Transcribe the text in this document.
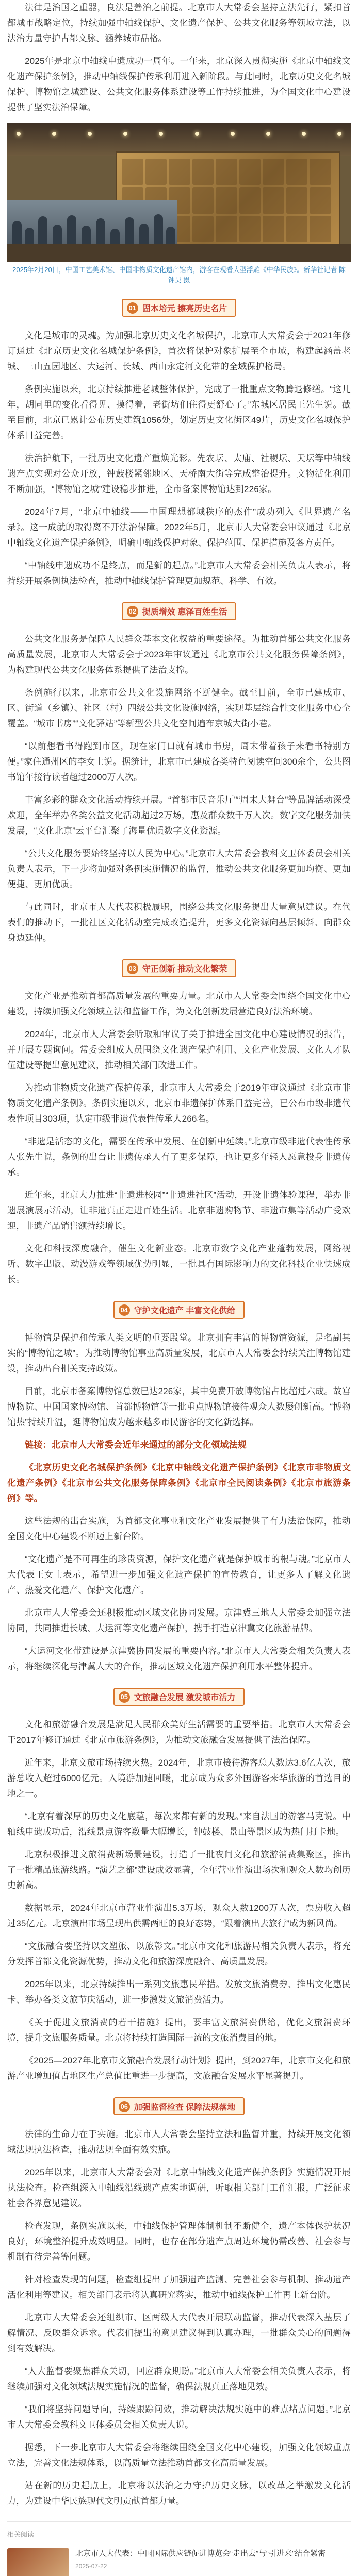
法律是治国之重器，良法是善治之前提。北京市人大常委会坚持立法先行，紧扣首都城市战略定位，持续加强中轴线保护、文化遗产保护、公共文化服务等领域立法，以法治力量守护古都文脉、涵养城市品格。

2025年是北京中轴线申遗成功一周年。一年来，北京深入贯彻实施《北京中轴线文化遗产保护条例》，推动中轴线保护传承利用进入新阶段。与此同时，北京历史文化名城保护、博物馆之城建设、公共文化服务体系建设等工作持续推进，为全国文化中心建设提供了坚实法治保障。

2025年2月20日，中国工艺美术馆、中国非物质文化遗产馆内，游客在观看大型浮雕《中华民族》。新华社记者 陈钟昊 摄

01 固本培元 擦亮历史名片

文化是城市的灵魂。为加强北京历史文化名城保护，北京市人大常委会于2021年修订通过《北京历史文化名城保护条例》，首次将保护对象扩展至全市域，构建起涵盖老城、三山五园地区、大运河、长城、西山永定河文化带的全域保护格局。

条例实施以来，北京持续推进老城整体保护，完成了一批重点文物腾退修缮。“这几年，胡同里的变化看得见、摸得着，老街坊们住得更舒心了。”东城区居民王先生说。截至目前，北京已累计公布历史建筑1056处，划定历史文化街区49片，历史文化名城保护体系日益完善。

法治护航下，一批历史文化遗产重焕光彩。先农坛、太庙、社稷坛、天坛等中轴线遗产点实现对公众开放，钟鼓楼紧邻地区、天桥南大街等完成整治提升。文物活化利用不断加强，“博物馆之城”建设稳步推进，全市备案博物馆达到226家。

2024年7月，“北京中轴线——中国理想都城秩序的杰作”成功列入《世界遗产名录》。这一成就的取得离不开法治保障。2022年5月，北京市人大常委会审议通过《北京中轴线文化遗产保护条例》，明确中轴线保护对象、保护范围、保护措施及各方责任。

“中轴线申遗成功不是终点，而是新的起点。”北京市人大常委会相关负责人表示，将持续开展条例执法检查，推动中轴线保护管理更加规范、科学、有效。

02 提质增效 惠泽百姓生活

公共文化服务是保障人民群众基本文化权益的重要途径。为推动首都公共文化服务高质量发展，北京市人大常委会于2023年审议通过《北京市公共文化服务保障条例》，为构建现代公共文化服务体系提供了法治支撑。

条例施行以来，北京市公共文化设施网络不断健全。截至目前，全市已建成市、区、街道（乡镇）、社区（村）四级公共文化设施网络，实现基层综合性文化服务中心全覆盖。“城市书房”“文化驿站”等新型公共文化空间遍布京城大街小巷。

“以前想看书得跑到市区，现在家门口就有城市书房，周末带着孩子来看书特别方便。”家住通州区的李女士说。据统计，北京市已建成各类特色阅读空间300余个，公共图书馆年接待读者超过2000万人次。

丰富多彩的群众文化活动持续开展。“首都市民音乐厅”“周末大舞台”等品牌活动深受欢迎，全年举办各类公益文化活动超过2万场，惠及群众数千万人次。数字文化服务加快发展，“文化北京”云平台汇聚了海量优质数字文化资源。

“公共文化服务要始终坚持以人民为中心。”北京市人大常委会教科文卫体委员会相关负责人表示，下一步将加强对条例实施情况的监督，推动公共文化服务更加均衡、更加便捷、更加优质。

与此同时，北京市人大代表积极履职，围绕公共文化服务提出大量意见建议。在代表们的推动下，一批社区文化活动室完成改造提升，更多文化资源向基层倾斜、向群众身边延伸。

03 守正创新 推动文化繁荣

文化产业是推动首都高质量发展的重要力量。北京市人大常委会围绕全国文化中心建设，持续加强文化领域立法和监督工作，为文化创新发展营造良好法治环境。

2024年，北京市人大常委会听取和审议了关于推进全国文化中心建设情况的报告，并开展专题询问。常委会组成人员围绕文化遗产保护利用、文化产业发展、文化人才队伍建设等提出意见建议，推动相关部门改进工作。

为推动非物质文化遗产保护传承，北京市人大常委会于2019年审议通过《北京市非物质文化遗产条例》。条例实施以来，北京市非遗保护体系日益完善，已公布市级非遗代表性项目303项，认定市级非遗代表性传承人266名。

“非遗是活态的文化，需要在传承中发展、在创新中延续。”北京市级非遗代表性传承人张先生说，条例的出台让非遗传承人有了更多保障，也让更多年轻人愿意投身非遗传承。

近年来，北京大力推进“非遗进校园”“非遗进社区”活动，开设非遗体验课程，举办非遗展演展示活动，让非遗真正走进百姓生活。北京非遗购物节、非遗市集等活动广受欢迎，非遗产品销售额持续增长。

文化和科技深度融合，催生文化新业态。北京市数字文化产业蓬勃发展，网络视听、数字出版、动漫游戏等领域优势明显，一批具有国际影响力的文化科技企业快速成长。

04 守护文化遗产 丰富文化供给

博物馆是保护和传承人类文明的重要殿堂。北京拥有丰富的博物馆资源，是名副其实的“博物馆之城”。为推动博物馆事业高质量发展，北京市人大常委会持续关注博物馆建设，推动出台相关支持政策。

目前，北京市备案博物馆总数已达226家，其中免费开放博物馆占比超过六成。故宫博物院、中国国家博物馆、首都博物馆等一批重点博物馆接待观众人数屡创新高。“博物馆热”持续升温，逛博物馆成为越来越多市民游客的文化新选择。

链接：北京市人大常委会近年来通过的部分文化领域法规

《北京历史文化名城保护条例》《北京中轴线文化遗产保护条例》《北京市非物质文化遗产条例》《北京市公共文化服务保障条例》《北京市全民阅读条例》《北京市旅游条例》等。

这些法规的出台实施，为首都文化事业和文化产业发展提供了有力法治保障，推动全国文化中心建设不断迈上新台阶。

“文化遗产是不可再生的珍贵资源，保护文化遗产就是保护城市的根与魂。”北京市人大代表王女士表示，希望进一步加强文化遗产保护的宣传教育，让更多人了解文化遗产、热爱文化遗产、保护文化遗产。

北京市人大常委会还积极推动区域文化协同发展。京津冀三地人大常委会加强立法协同，共同推进长城、大运河等文化遗产保护，携手打造京津冀文化旅游品牌。

“大运河文化带建设是京津冀协同发展的重要内容。”北京市人大常委会相关负责人表示，将继续深化与津冀人大的合作，推动区域文化遗产保护利用水平整体提升。

05 文旅融合发展 激发城市活力

文化和旅游融合发展是满足人民群众美好生活需要的重要举措。北京市人大常委会于2017年修订通过《北京市旅游条例》，为推动文旅融合发展提供了法治保障。

近年来，北京文旅市场持续火热。2024年，北京市接待游客总人数达3.6亿人次，旅游总收入超过6000亿元。入境游加速回暖，北京成为众多外国游客来华旅游的首选目的地之一。

“北京有着深厚的历史文化底蕴，每次来都有新的发现。”来自法国的游客马克说。中轴线申遗成功后，沿线景点游客数量大幅增长，钟鼓楼、景山等景区成为热门打卡地。

北京积极推进文旅消费新场景建设，打造了一批夜间文化和旅游消费集聚区，推出了一批精品旅游线路。“演艺之都”建设成效显著，全年营业性演出场次和观众人数均创历史新高。

数据显示，2024年北京市营业性演出5.3万场，观众人数1200万人次，票房收入超过35亿元。北京演出市场呈现出供需两旺的良好态势，“跟着演出去旅行”成为新风尚。

“文旅融合要坚持以文塑旅、以旅彰文。”北京市文化和旅游局相关负责人表示，将充分发挥首都文化资源优势，推动文化和旅游深度融合、高质量发展。

2025年以来，北京持续推出一系列文旅惠民举措。发放文旅消费券、推出文化惠民卡、举办各类文旅节庆活动，进一步激发文旅消费活力。

《关于促进文旅消费的若干措施》提出，要丰富文旅消费供给，优化文旅消费环境，提升文旅服务质量。北京将持续打造国际一流的文旅消费目的地。

《2025—2027年北京市文旅融合发展行动计划》提出，到2027年，北京市文化和旅游产业增加值占地区生产总值比重进一步提高，文旅融合发展水平显著提升。

06 加强监督检查 保障法规落地

法律的生命力在于实施。北京市人大常委会坚持立法和监督并重，持续开展文化领域法规执法检查，推动法规全面有效实施。

2025年以来，北京市人大常委会对《北京中轴线文化遗产保护条例》实施情况开展执法检查。检查组深入中轴线沿线遗产点实地调研，听取相关部门工作汇报，广泛征求社会各界意见建议。

检查发现，条例实施以来，中轴线保护管理体制机制不断健全，遗产本体保护状况良好，环境整治提升成效明显。同时，也存在部分遗产点周边环境仍需改善、社会参与机制有待完善等问题。

针对检查发现的问题，检查组提出了加强遗产监测、完善社会参与机制、推动遗产活化利用等建议。相关部门表示将认真研究落实，推动中轴线保护工作再上新台阶。

北京市人大常委会还组织市、区两级人大代表开展联动监督，推动代表深入基层了解情况、反映群众诉求。代表们提出的意见建议得到认真办理，一批群众关心的问题得到有效解决。

“人大监督要聚焦群众关切，回应群众期盼。”北京市人大常委会相关负责人表示，将继续加强对文化领域法规实施情况的监督，确保法规真正落地见效。

“我们将坚持问题导向，持续跟踪问效，推动解决法规实施中的难点堵点问题。”北京市人大常委会教科文卫体委员会相关负责人说。

据悉，下一步北京市人大常委会将继续围绕全国文化中心建设，加强文化领域重点立法，完善文化法规体系，以高质量立法推动首都文化高质量发展。

站在新的历史起点上，北京将以法治之力守护历史文脉，以改革之举激发文化活力，为建设中华民族现代文明贡献首都力量。

相关阅读

北京市人大代表：中国国际供应链促进博览会“走出去”与“引进来”结合紧密
2025-07-22
